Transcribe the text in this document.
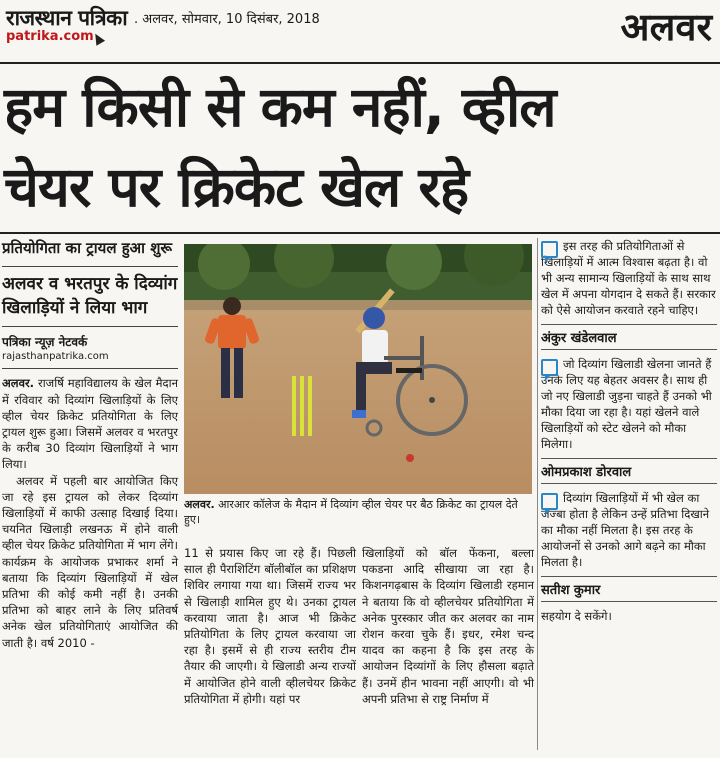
राजस्थान पत्रिका
patrika.com
. अलवर, सोमवार, 10 दिसंबर, 2018	अलवर
हम किसी से कम नहीं, व्हील
चेयर पर क्रिकेट खेल रहे

प्रतियोगिता का ट्रायल हुआ शुरू

अलवर व भरतपुर के दिव्यांग खिलाड़ियों ने लिया भाग

पत्रिका न्यूज़ नेटवर्क

rajasthanpatrika.com

अलवर. राजर्षि महाविद्यालय के खेल मैदान में रविवार को दिव्यांग खिलाड़ियों के लिए व्हील चेयर क्रिकेट प्रतियोगिता के लिए ट्रायल शुरू हुआ। जिसमें अलवर व भरतपुर के करीब 30 दिव्यांग खिलाड़ियों ने भाग लिया।

अलवर में पहली बार आयोजित किए जा रहे इस ट्रायल को लेकर दिव्यांग खिलाड़ियों में काफी उत्साह दिखाई दिया। चयनित खिलाड़ी लखनऊ में होने वाली व्हील चेयर क्रिकेट प्रतियोगिता में भाग लेंगे। कार्यक्रम के आयोजक प्रभाकर शर्मा ने बताया कि दिव्यांग खिलाड़ियों में खेल प्रतिभा की कोई कमी नहीं है। उनकी प्रतिभा को बाहर लाने के लिए प्रतिवर्ष अनेक खेल प्रतियोगिताएं आयोजित की जाती है। वर्ष 2010 -

अलवर. आरआर कॉलेज के मैदान में दिव्यांग व्हील चेयर पर बैठ क्रिकेट का ट्रायल देते हुए।

11 से प्रयास किए जा रहे हैं। पिछली साल ही पैराशिटिंग बॉलीबॉल का प्रशिक्षण शिविर लगाया गया था। जिसमें राज्य भर से खिलाड़ी शामिल हुए थे। उनका ट्रायल करवाया जाता है। आज भी क्रिकेट प्रतियोगिता के लिए ट्रायल करवाया जा रहा है। इसमें से ही राज्य स्तरीय टीम तैयार की जाएगी। ये खिलाडी अन्य राज्यों में आयोजित होने वाली व्हीलचेयर क्रिकेट प्रतियोगिता में होगी। यहां पर

खिलाड़ियों को बॉल फेंकना, बल्ला पकडना आदि सीखाया जा रहा है। किशनगढ़बास के दिव्यांग खिलाडी रहमान ने बताया कि वो व्हीलचेयर प्रतियोगिता में अनेक पुरस्कार जीत कर अलवर का नाम रोशन करवा चुके हैं। इधर, रमेश चन्द यादव का कहना है कि इस तरह के आयोजन दिव्यांगों के लिए हौसला बढ़ाते हैं। उनमें हीन भावना नहीं आएगी। वो भी अपनी प्रतिभा से राष्ट्र निर्माण में

इस तरह की प्रतियोगिताओं से खिलाड़ियों में आत्म विश्वास बढ़ता है। वो भी अन्य सामान्य खिलाड़ियों के साथ साथ खेल में अपना योगदान दे सकते हैं। सरकार को ऐसे आयोजन करवाते रहने चाहिए।

अंकुर खंडेलवाल

जो दिव्यांग खिलाडी खेलना जानते हैं उनके लिए यह बेहतर अवसर है। साथ ही जो नए खिलाडी जुड़ना चाहते हैं उनको भी मौका दिया जा रहा है। यहां खेलने वाले खिलाड़ियों को स्टेट खेलने को मौका मिलेगा।

ओमप्रकाश डोरवाल

दिव्यांग खिलाड़ियों में भी खेल का जज्बा होता है लेकिन उन्हें प्रतिभा दिखाने का मौका नहीं मिलता है। इस तरह के आयोजनों से उनको आगे बढ़ने का मौका मिलता है।

सतीश कुमार

सहयोग दे सकेंगे।
